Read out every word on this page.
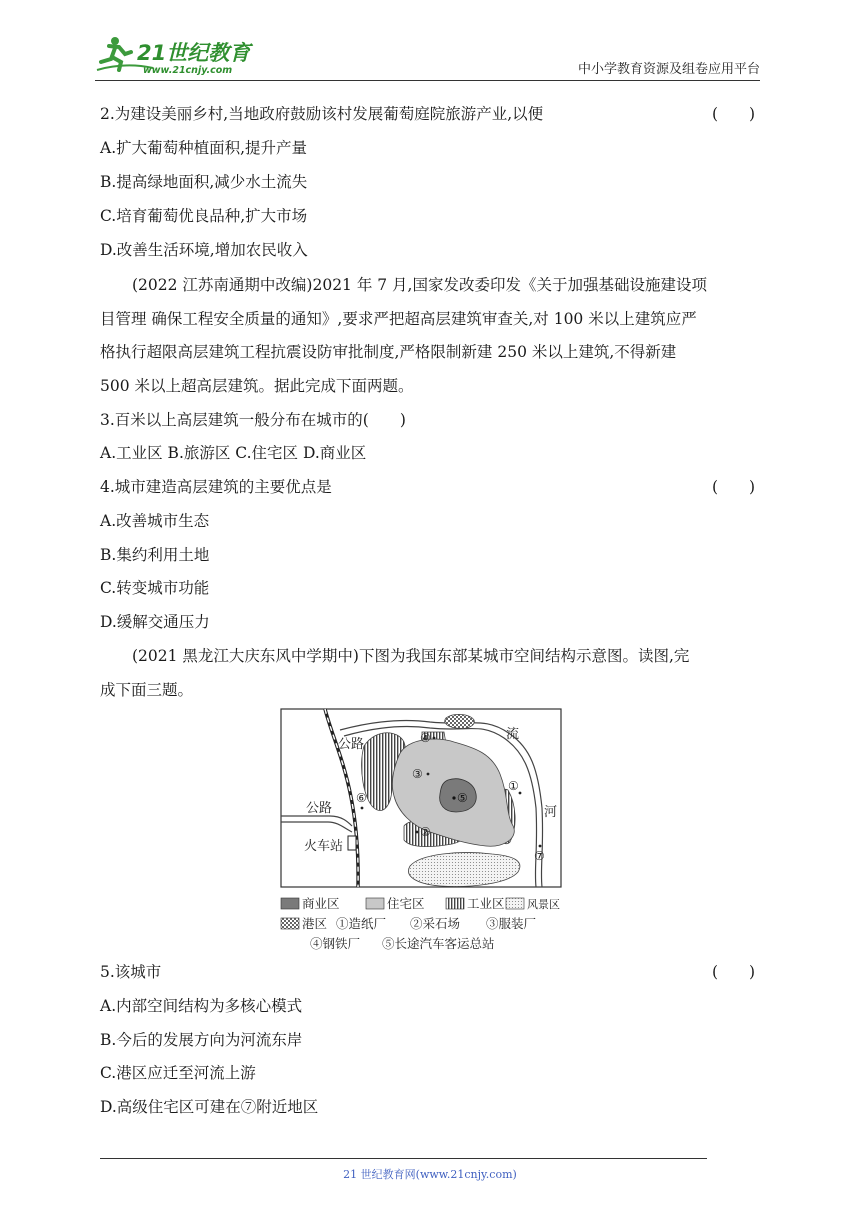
21世纪教育
www.21cnjy.com	中小学教育资源及组卷应用平台
2.为建设美丽乡村,当地政府鼓励该村发展葡萄庭院旅游产业,以便	(　　)
A.扩大葡萄种植面积,提升产量
B.提高绿地面积,减少水土流失
C.培育葡萄优良品种,扩大市场
D.改善生活环境,增加农民收入
(2022 江苏南通期中改编)2021 年 7 月,国家发改委印发《关于加强基础设施建设项
目管理 确保工程安全质量的通知》,要求严把超高层建筑审查关,对 100 米以上建筑应严
格执行超限高层建筑工程抗震设防审批制度,严格限制新建 250 米以上建筑,不得新建
500 米以上超高层建筑。据此完成下面两题。
3.百米以上高层建筑一般分布在城市的(　　)
A.工业区 B.旅游区 C.住宅区 D.商业区
4.城市建造高层建筑的主要优点是	(　　)
A.改善城市生态
B.集约利用土地
C.转变城市功能
D.缓解交通压力
(2021 黑龙江大庆东风中学期中)下图为我国东部某城市空间结构示意图。读图,完
成下面三题。
①
②
③
④
⑤
⑥
⑦
公路
公路
火车站
流
河
商业区	住宅区	工业区 风景区
港区 ①造纸厂 ②采石场 ③服装厂
④钢铁厂 ⑤长途汽车客运总站
5.该城市	(　　)
A.内部空间结构为多核心模式
B.今后的发展方向为河流东岸
C.港区应迁至河流上游
D.高级住宅区可建在⑦附近地区
21 世纪教育网(www.21cnjy.com)
